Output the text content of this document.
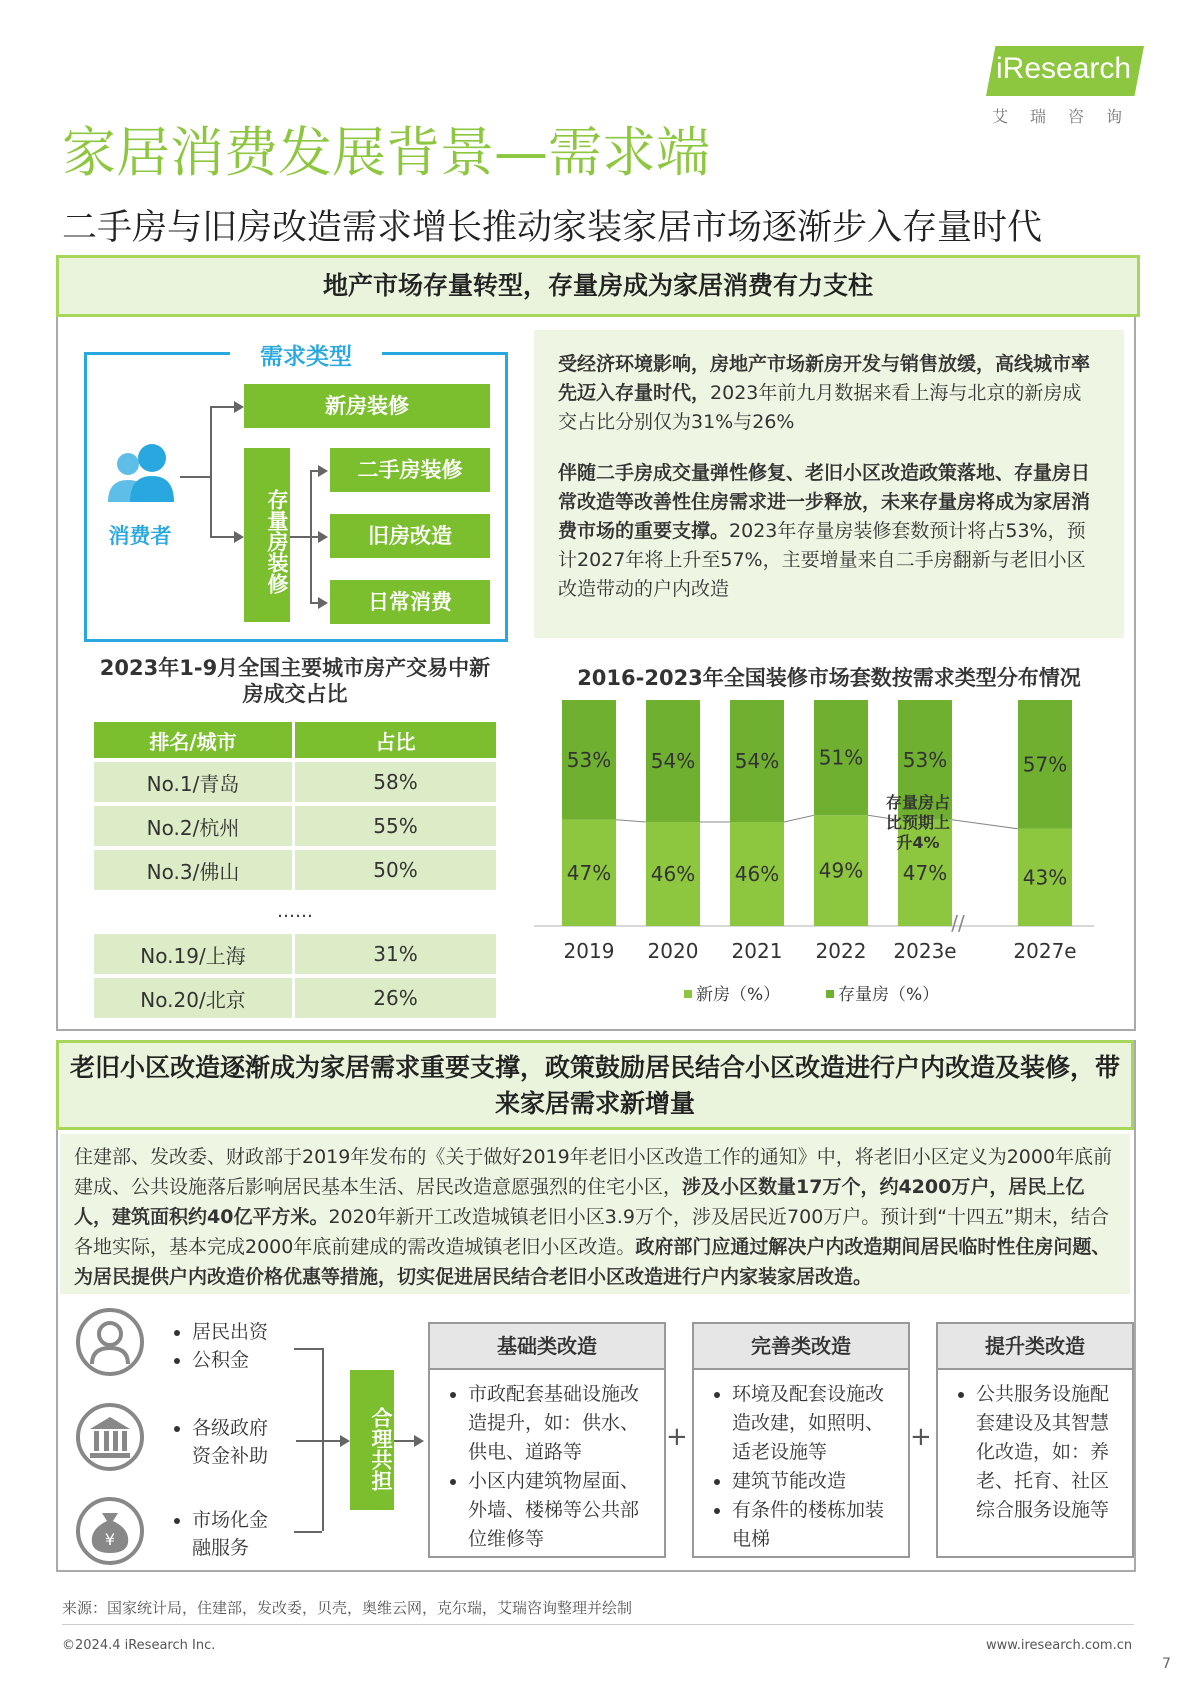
iResearch
艾瑞咨询
家居消费发展背景—需求端
二手房与旧房改造需求增长推动家装家居市场逐渐步入存量时代
地产市场存量转型，存量房成为家居消费有力支柱
需求类型
消费者
新房装修
存量房装修
二手房装修
旧房改造
日常消费

受经济环境影响，房地产市场新房开发与销售放缓，高线城市率先迈入存量时代，2023年前九月数据来看上海与北京的新房成交占比分别仅为31%与26%

伴随二手房成交量弹性修复、老旧小区改造政策落地、存量房日常改造等改善性住房需求进一步释放，未来存量房将成为家居消费市场的重要支撑。2023年存量房装修套数预计将占53%，预计2027年将上升至57%，主要增量来自二手房翻新与老旧小区改造带动的户内改造

2023年1-9月全国主要城市房产交易中新房成交占比
排名/城市	占比
No.1/青岛	58%
No.2/杭州	55%
No.3/佛山	50%
……
No.19/上海	31%
No.20/北京	26%
2016-2023年全国装修市场套数按需求类型分布情况
47%
53%
2019
46%
54%
2020
46%
54%
2021
49%
51%
2022
47%
53%
2023e
43%
57%
2027e
存量房占
比预期上
升4%
//
新房（%）	存量房（%）
老旧小区改造逐渐成为家居需求重要支撑，政策鼓励居民结合小区改造进行户内改造及装修，带来家居需求新增量
住建部、发改委、财政部于2019年发布的《关于做好2019年老旧小区改造工作的通知》中，将老旧小区定义为2000年底前建成、公共设施落后影响居民基本生活、居民改造意愿强烈的住宅小区，涉及小区数量17万个，约4200万户，居民上亿人，建筑面积约40亿平方米。2020年新开工改造城镇老旧小区3.9万个，涉及居民近700万户。预计到“十四五”期末，结合各地实际，基本完成2000年底前建成的需改造城镇老旧小区改造。政府部门应通过解决户内改造期间居民临时性住房问题、为居民提供户内改造价格优惠等措施，切实促进居民结合老旧小区改造进行户内家装家居改造。
¥
• 居民出资
• 公积金
• 各级政府资金补助
• 市场化金融服务
合理共担
基础类改造
• 市政配套基础设施改造提升，如：供水、供电、道路等
• 小区内建筑物屋面、外墙、楼梯等公共部位维修等
+
完善类改造
• 环境及配套设施改造改建，如照明、适老设施等
• 建筑节能改造
• 有条件的楼栋加装电梯
+
提升类改造
• 公共服务设施配套建设及其智慧化改造，如：养老、托育、社区综合服务设施等
来源：国家统计局，住建部，发改委，贝壳，奥维云网，克尔瑞，艾瑞咨询整理并绘制
©2024.4 iResearch Inc.	www.iresearch.com.cn
7
